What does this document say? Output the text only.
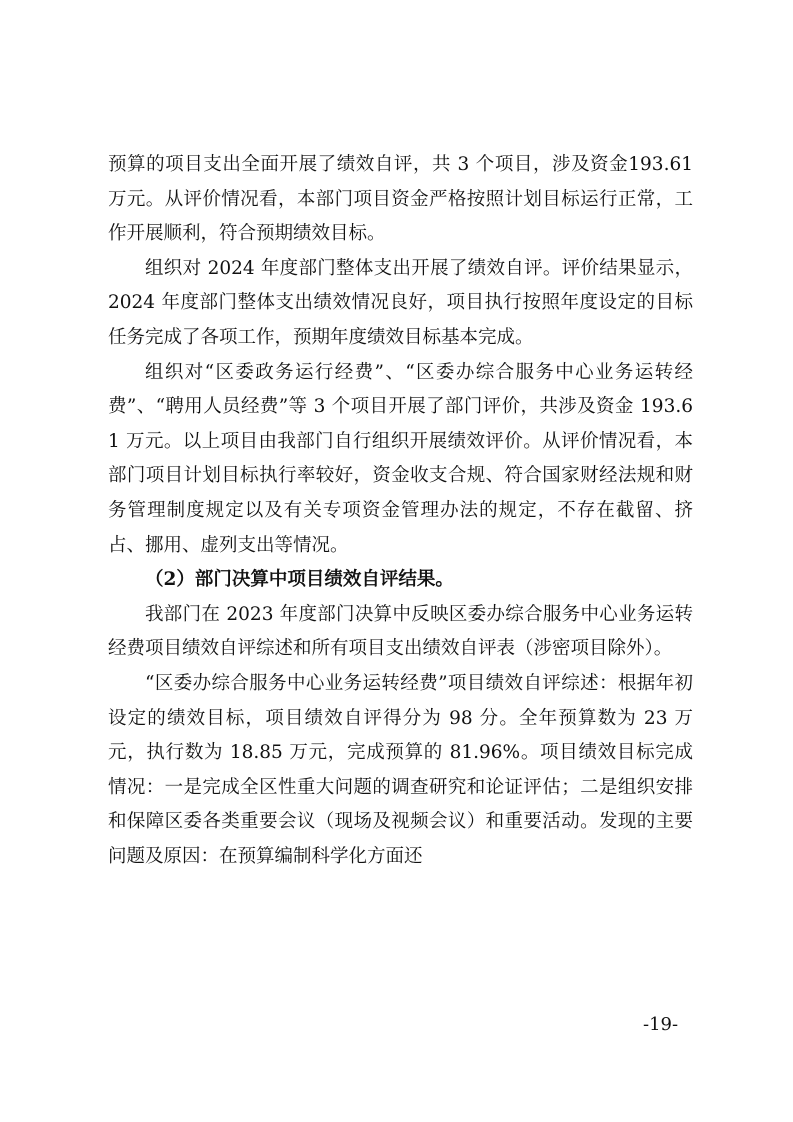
预算的项目支出全面开展了绩效自评，共 3 个项目，涉及资金193.61 万元。从评价情况看，本部门项目资金严格按照计划目标运行正常，工作开展顺利，符合预期绩效目标。

组织对 2024 年度部门整体支出开展了绩效自评。评价结果显示，2024 年度部门整体支出绩效情况良好，项目执行按照年度设定的目标任务完成了各项工作，预期年度绩效目标基本完成。

组织对“区委政务运行经费”、“区委办综合服务中心业务运转经费”、“聘用人员经费”等 3 个项目开展了部门评价，共涉及资金 193.61 万元。以上项目由我部门自行组织开展绩效评价。从评价情况看，本部门项目计划目标执行率较好，资金收支合规、符合国家财经法规和财务管理制度规定以及有关专项资金管理办法的规定，不存在截留、挤占、挪用、虚列支出等情况。

（2）部门决算中项目绩效自评结果。

我部门在 2023 年度部门决算中反映区委办综合服务中心业务运转经费项目绩效自评综述和所有项目支出绩效自评表（涉密项目除外）。

“区委办综合服务中心业务运转经费”项目绩效自评综述：根据年初设定的绩效目标，项目绩效自评得分为 98 分。全年预算数为 23 万元，执行数为 18.85 万元，完成预算的 81.96%。项目绩效目标完成情况：一是完成全区性重大问题的调查研究和论证评估；二是组织安排和保障区委各类重要会议（现场及视频会议）和重要活动。发现的主要问题及原因：在预算编制科学化方面还

-19-
